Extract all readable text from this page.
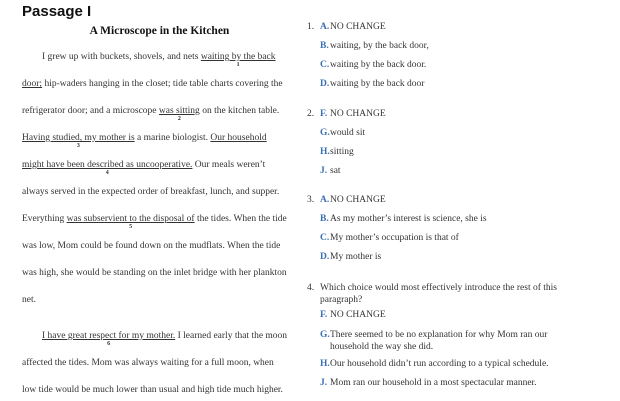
Passage I
A Microscope in the Kitchen
I grew up with buckets, shovels, and nets waiting by the back
1
door; hip-waders hanging in the closet; tide table charts covering the
refrigerator door; and a microscope was sitting
2
on the kitchen table.
Having studied, my mother is
3
a marine biologist. Our household
might have been described as uncooperative.
4
Our meals weren’t
always served in the expected order of breakfast, lunch, and supper.
Everything was subservient to the disposal of
5
the tides. When the tide
was low, Mom could be found down on the mudflats. When the tide
was high, she would be standing on the inlet bridge with her plankton
net.
I have great respect for my mother.
6
I learned early that the moon
affected the tides. Mom was always waiting for a full moon, when
low tide would be much lower than usual and high tide much higher.
1. A.NO CHANGE
B.waiting, by the back door,
C.waiting by the back door.
D.waiting by the back door
2. F. NO CHANGE
G.would sit
H.sitting
J. sat
3. A.NO CHANGE
B.As my mother’s interest is science, she is
C.My mother’s occupation is that of
D.My mother is
4. Which choice would most effectively introduce the rest of this
paragraph?
F. NO CHANGE
G.There seemed to be no explanation for why Mom ran our
household the way she did.
H.Our household didn’t run according to a typical schedule.
J. Mom ran our household in a most spectacular manner.
